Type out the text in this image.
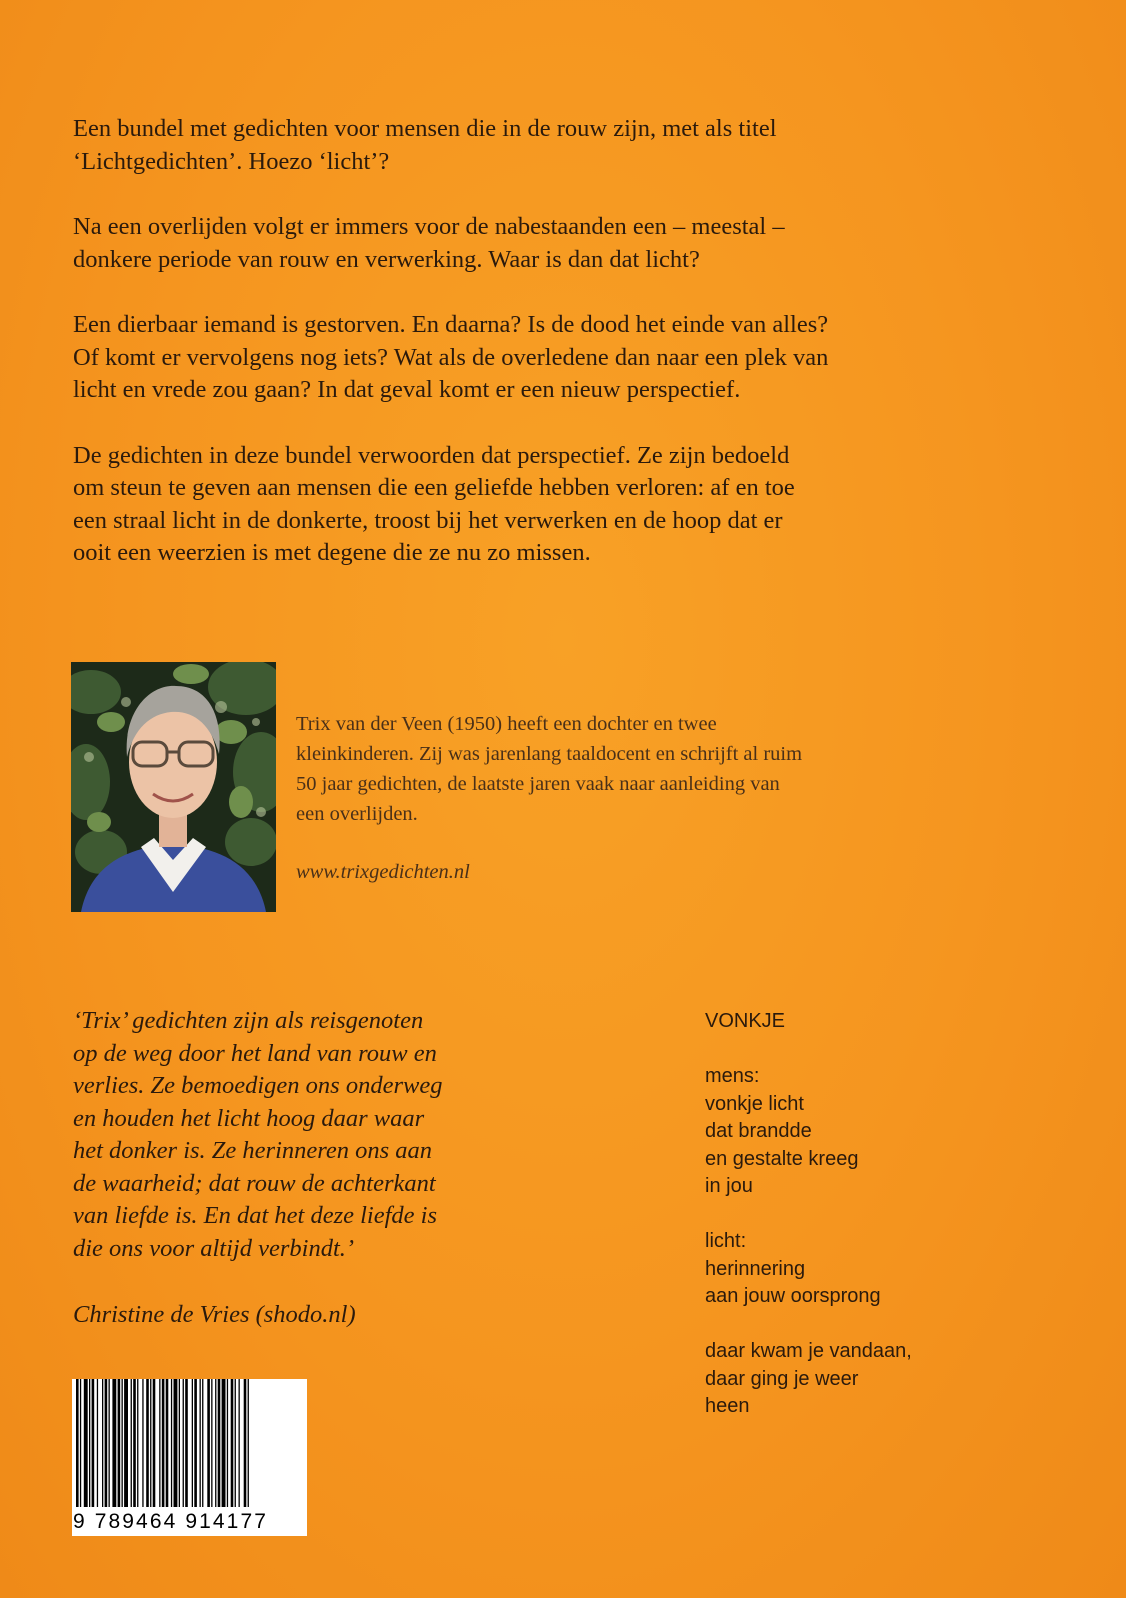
Een bundel met gedichten voor mensen die in de rouw zijn, met als titel
‘Lichtgedichten’. Hoezo ‘licht’?

Na een overlijden volgt er immers voor de nabestaanden een – meestal –
donkere periode van rouw en verwerking. Waar is dan dat licht?

Een dierbaar iemand is gestorven. En daarna? Is de dood het einde van alles?
Of komt er vervolgens nog iets? Wat als de overledene dan naar een plek van
licht en vrede zou gaan? In dat geval komt er een nieuw perspectief.

De gedichten in deze bundel verwoorden dat perspectief. Ze zijn bedoeld
om steun te geven aan mensen die een geliefde hebben verloren: af en toe
een straal licht in de donkerte, troost bij het verwerken en de hoop dat er
ooit een weerzien is met degene die ze nu zo missen.

Trix van der Veen (1950) heeft een dochter en twee
kleinkinderen. Zij was jarenlang taaldocent en schrijft al ruim
50 jaar gedichten, de laatste jaren vaak naar aanleiding van
een overlijden.

www.trixgedichten.nl

‘Trix’ gedichten zijn als reisgenoten
op de weg door het land van rouw en
verlies. Ze bemoedigen ons onderweg
en houden het licht hoog daar waar
het donker is. Ze herinneren ons aan
de waarheid; dat rouw de achterkant
van liefde is. En dat het deze liefde is
die ons voor altijd verbindt.’

Christine de Vries (shodo.nl)
VONKJE
mens:
vonkje licht
dat brandde
en gestalte kreeg
in jou
licht:
herinnering
aan jouw oorsprong
daar kwam je vandaan,
daar ging je weer
heen
9 789464 914177
